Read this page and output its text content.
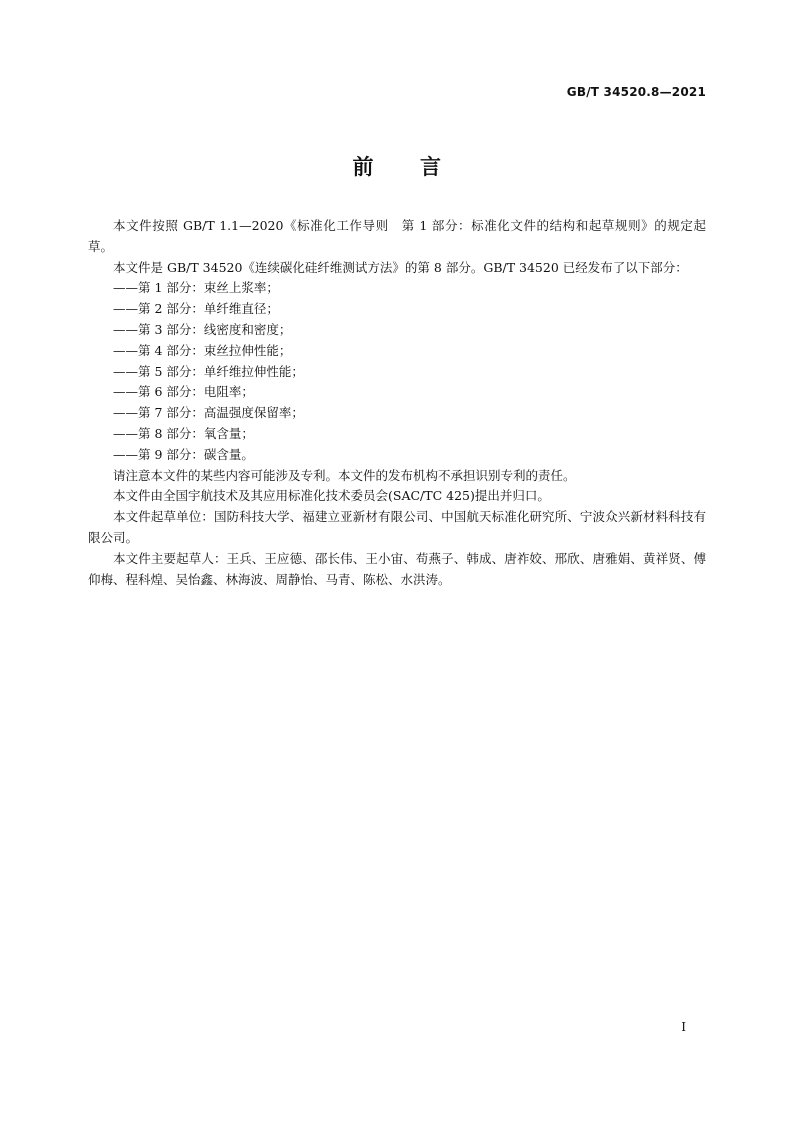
GB/T 34520.8—2021
前 言

本文件按照 GB/T 1.1—2020《标准化工作导则　第 1 部分：标准化文件的结构和起草规则》的规定起草。

本文件是 GB/T 34520《连续碳化硅纤维测试方法》的第 8 部分。GB/T 34520 已经发布了以下部分：

——第 1 部分：束丝上浆率；

——第 2 部分：单纤维直径；

——第 3 部分：线密度和密度；

——第 4 部分：束丝拉伸性能；

——第 5 部分：单纤维拉伸性能；

——第 6 部分：电阻率；

——第 7 部分：高温强度保留率；

——第 8 部分：氧含量；

——第 9 部分：碳含量。

请注意本文件的某些内容可能涉及专利。本文件的发布机构不承担识别专利的责任。

本文件由全国宇航技术及其应用标准化技术委员会(SAC/TC 425)提出并归口。

本文件起草单位：国防科技大学、福建立亚新材有限公司、中国航天标准化研究所、宁波众兴新材料科技有限公司。

本文件主要起草人：王兵、王应德、邵长伟、王小宙、苟燕子、韩成、唐祚姣、邢欣、唐雅娟、黄祥贤、傅仰梅、程科煌、吴怡鑫、林海波、周静怡、马青、陈松、水洪涛。

I
